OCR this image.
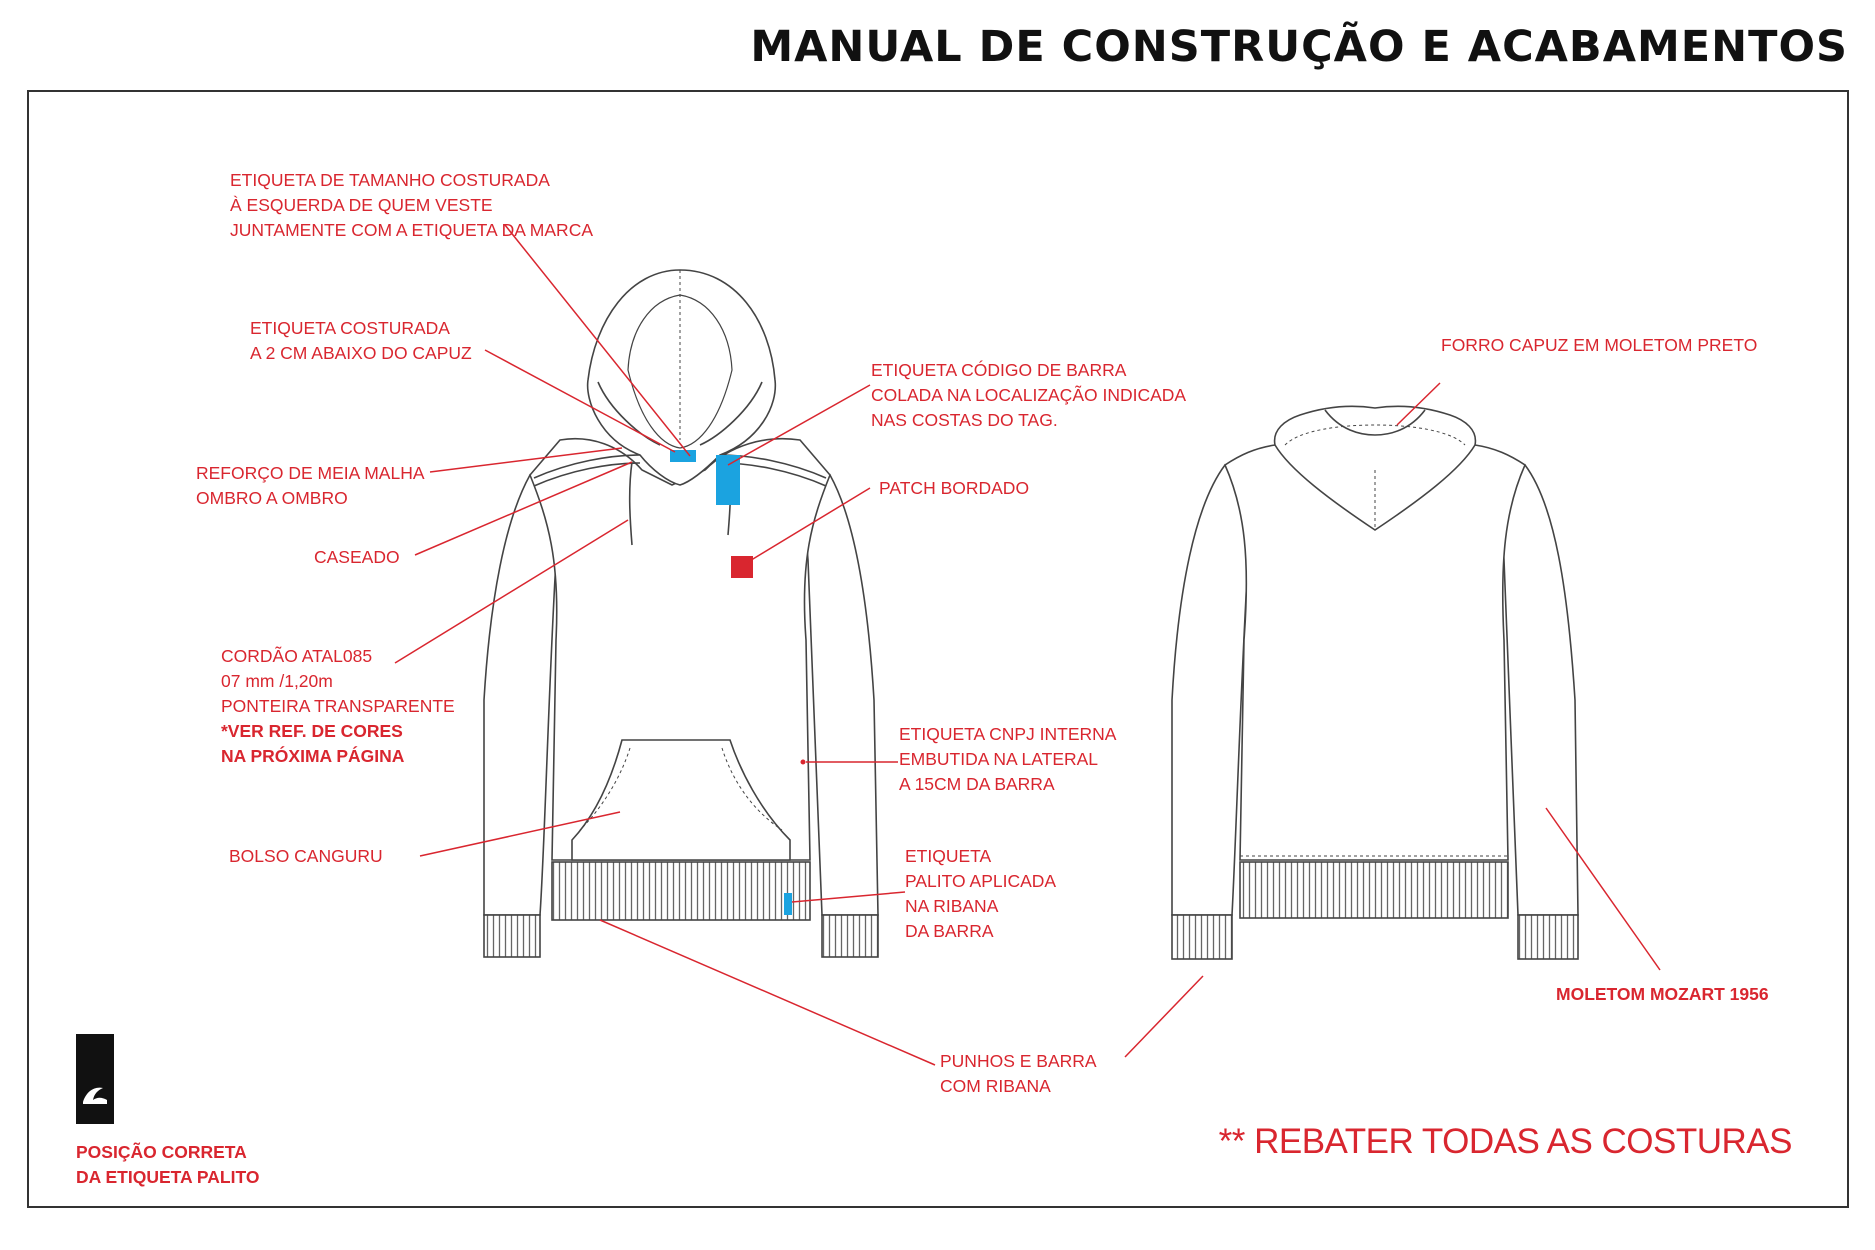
MANUAL DE CONSTRUÇÃO E ACABAMENTOS
ETIQUETA DE TAMANHO COSTURADA
À ESQUERDA DE QUEM VESTE
JUNTAMENTE COM A ETIQUETA DA MARCA
ETIQUETA COSTURADA
A 2 CM ABAIXO DO CAPUZ
REFORÇO DE MEIA MALHA
OMBRO A OMBRO
CASEADO
CORDÃO ATAL085
07 mm /1,20m
PONTEIRA TRANSPARENTE
*VER REF. DE CORES
NA PRÓXIMA PÁGINA
BOLSO CANGURU
ETIQUETA CÓDIGO DE BARRA
COLADA NA LOCALIZAÇÃO INDICADA
NAS COSTAS DO TAG.
PATCH BORDADO
ETIQUETA CNPJ INTERNA
EMBUTIDA NA LATERAL
A 15CM DA BARRA
ETIQUETA
PALITO APLICADA
NA RIBANA
DA BARRA
PUNHOS E BARRA
COM RIBANA
FORRO CAPUZ EM MOLETOM PRETO
MOLETOM MOZART 1956
** REBATER TODAS AS COSTURAS
POSIÇÃO CORRETA
DA ETIQUETA PALITO
